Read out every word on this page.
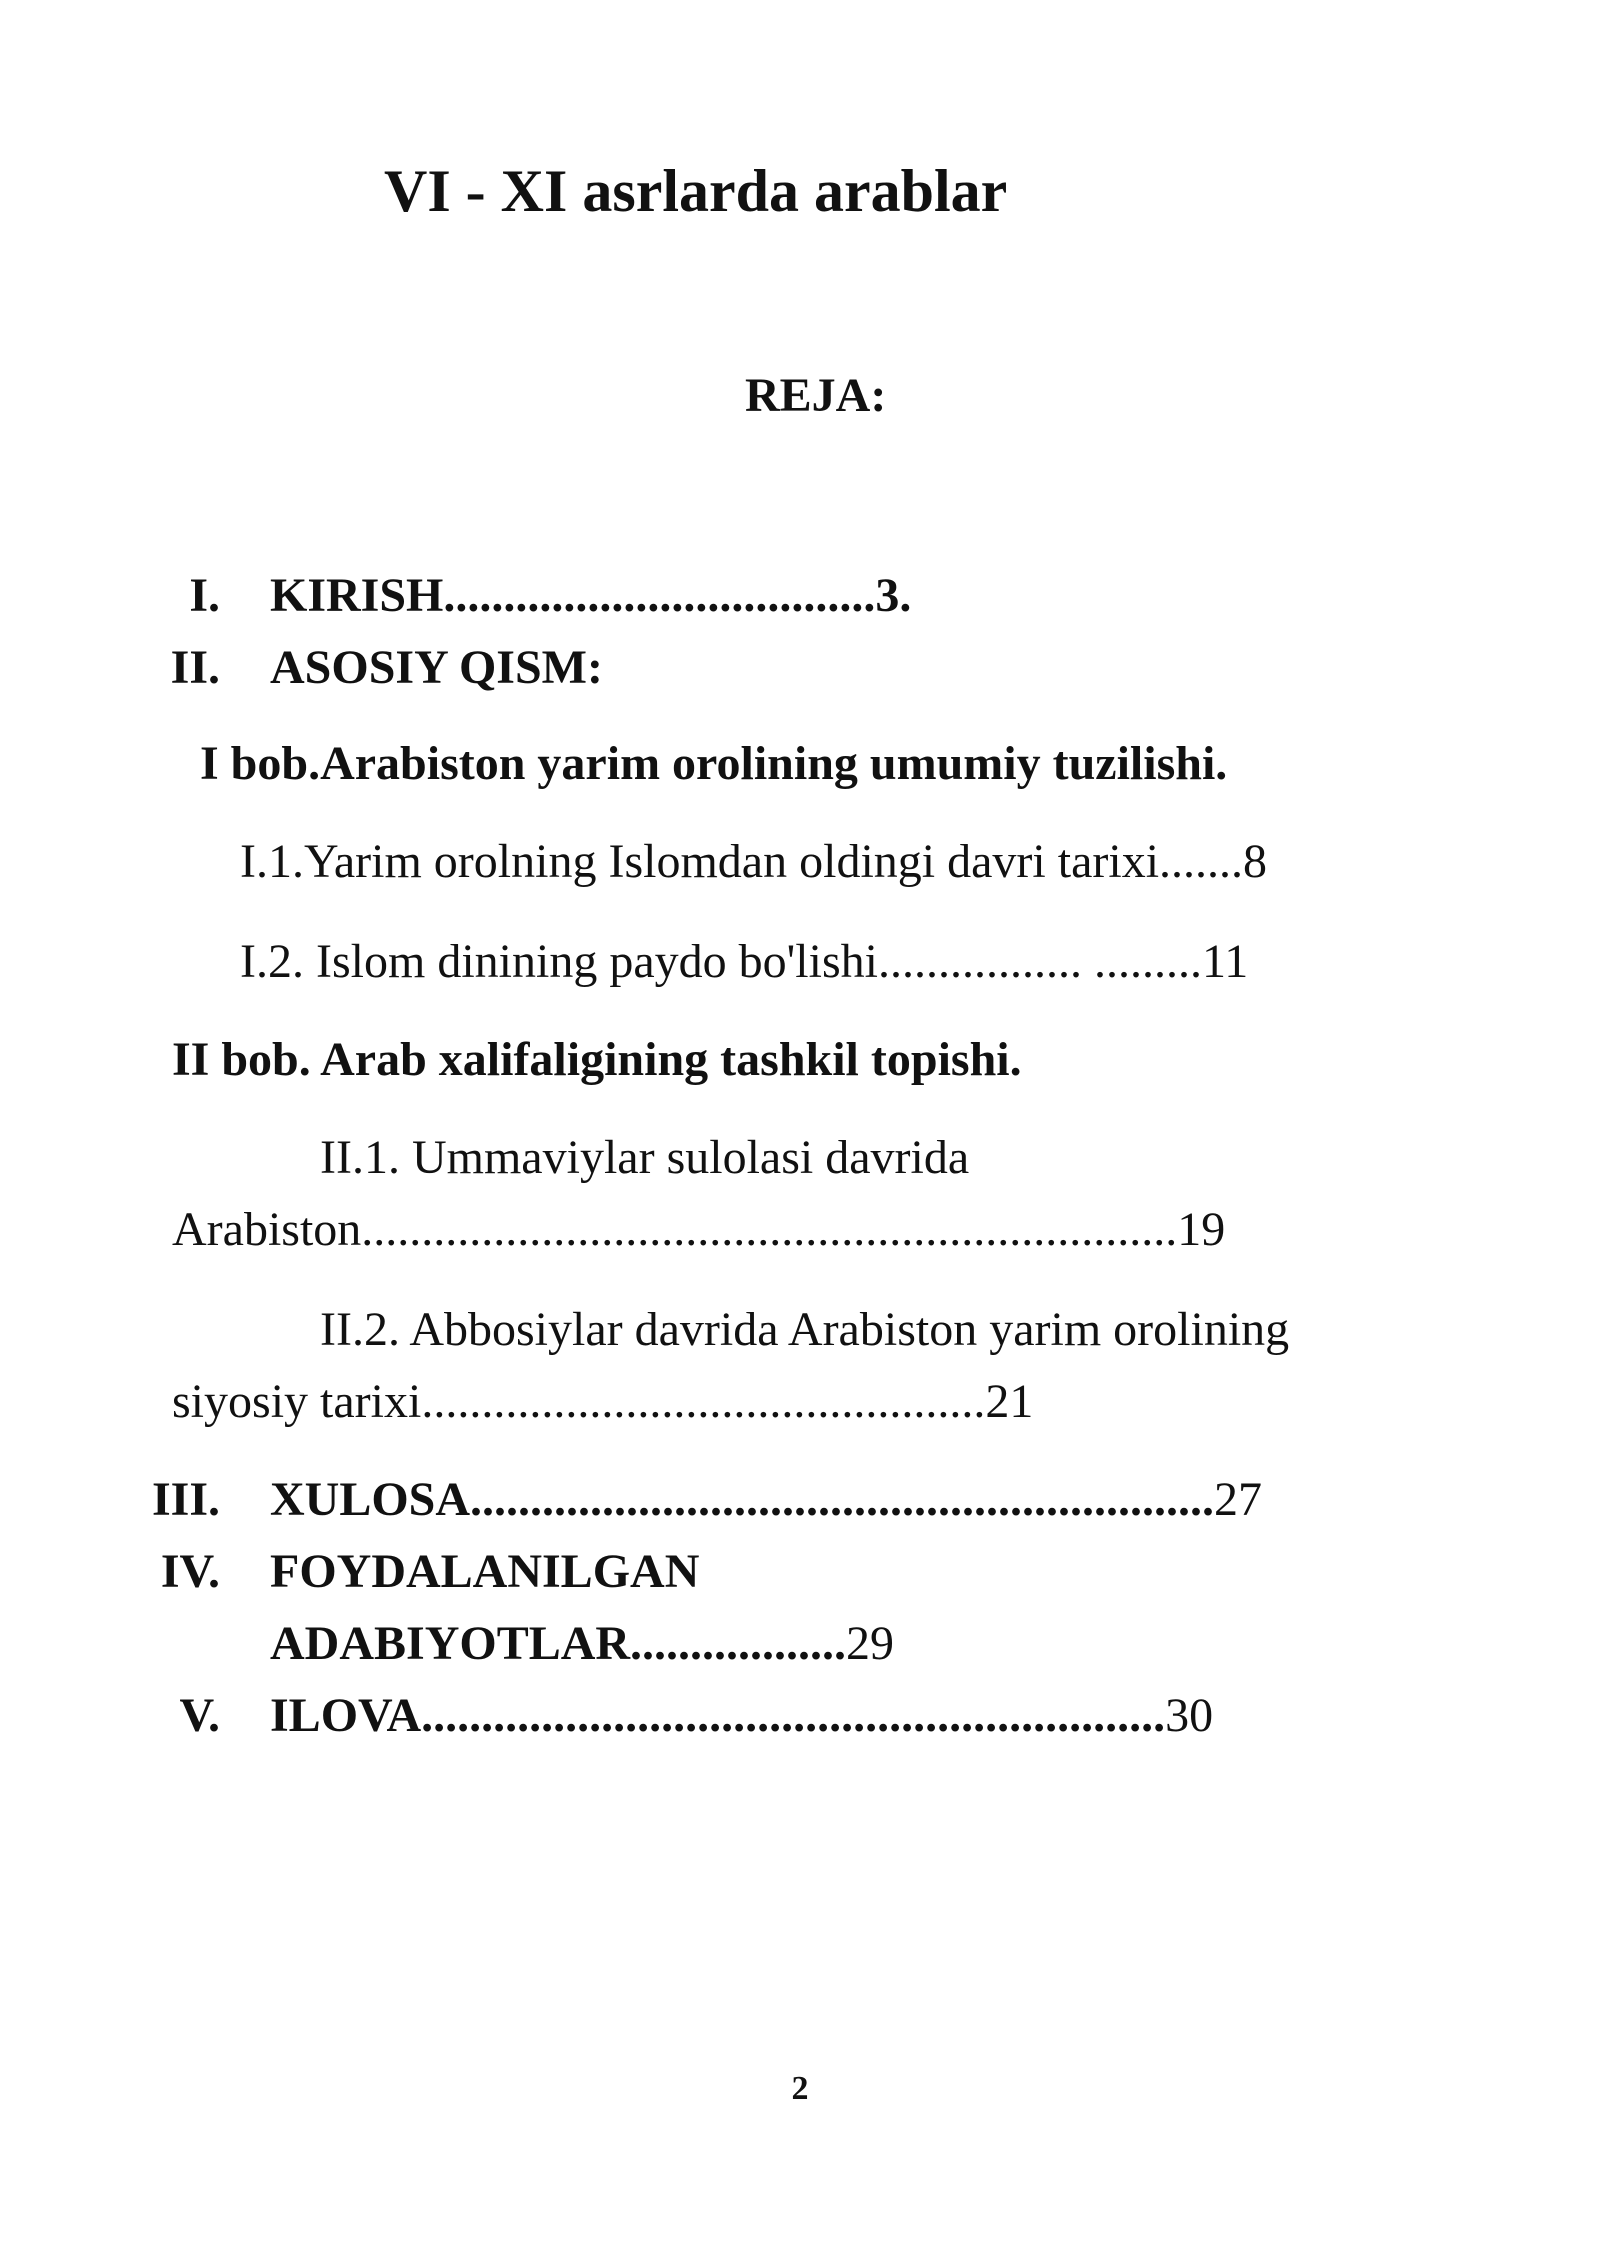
VI - XI asrlarda arablar
REJA:
I. KIRISH....................................3.
II. ASOSIY QISM:
I bob.Arabiston yarim orolining umumiy tuzilishi.
I.1.Yarim orolning Islomdan oldingi davri tarixi.......8
I.2. Islom dinining paydo bo'lishi................. .........11
II bob. Arab xalifaligining tashkil topishi.
II.1. Ummaviylar sulolasi davrida
Arabiston....................................................................19
II.2. Abbosiylar davrida Arabiston yarim orolining
siyosiy tarixi...............................................21
III. XULOSA..............................................................27
IV. FOYDALANILGAN
ADABIYOTLAR..................29
V. ILOVA..............................................................30
2
